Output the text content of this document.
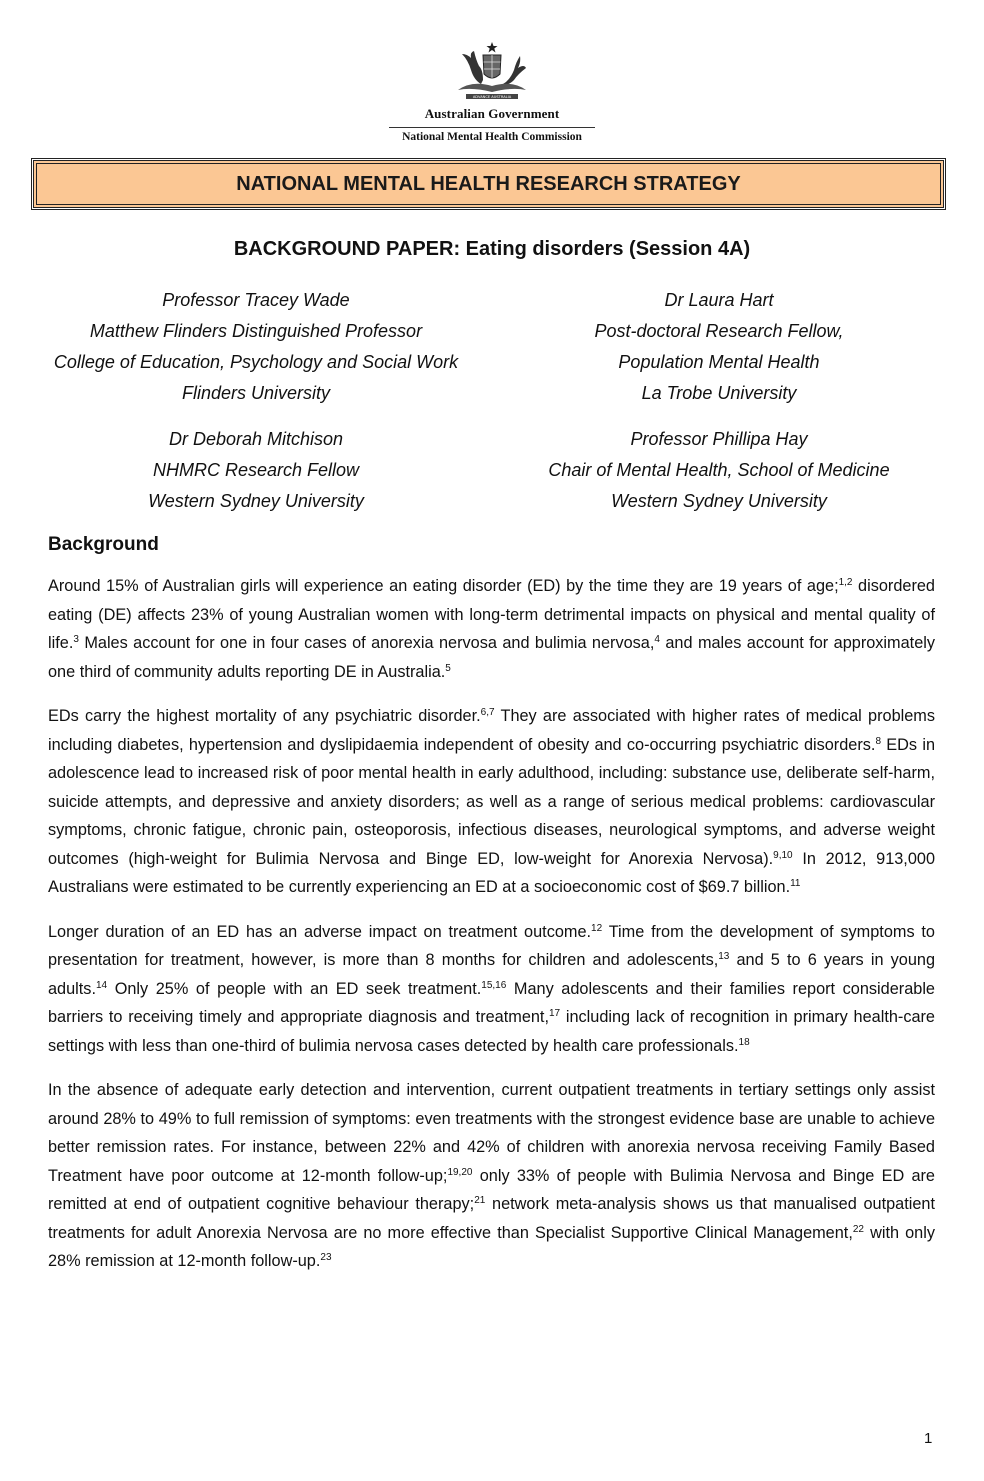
ADVANCE AUSTRALIA
Australian Government
National Mental Health Commission
NATIONAL MENTAL HEALTH RESEARCH STRATEGY
BACKGROUND PAPER: Eating disorders (Session 4A)
Professor Tracey Wade
Matthew Flinders Distinguished Professor
College of Education, Psychology and Social Work
Flinders University
Dr Laura Hart
Post-doctoral Research Fellow,
Population Mental Health
La Trobe University
Dr Deborah Mitchison
NHMRC Research Fellow
Western Sydney University
Professor Phillipa Hay
Chair of Mental Health, School of Medicine
Western Sydney University
Background

Around 15% of Australian girls will experience an eating disorder (ED) by the time they are 19 years of age;$^{1,2}$ disordered eating (DE) affects 23% of young Australian women with long-term detrimental impacts on physical and mental quality of life.$^3$ Males account for one in four cases of anorexia nervosa and bulimia nervosa,$^4$ and males account for approximately one third of community adults reporting DE in Australia.$^5$

EDs carry the highest mortality of any psychiatric disorder.$^{6,7}$ They are associated with higher rates of medical problems including diabetes, hypertension and dyslipidaemia independent of obesity and co-occurring psychiatric disorders.$^8$ EDs in adolescence lead to increased risk of poor mental health in early adulthood, including: substance use, deliberate self-harm, suicide attempts, and depressive and anxiety disorders; as well as a range of serious medical problems: cardiovascular symptoms, chronic fatigue, chronic pain, osteoporosis, infectious diseases, neurological symptoms, and adverse weight outcomes (high-weight for Bulimia Nervosa and Binge ED, low-weight for Anorexia Nervosa).$^{9,10}$ In 2012, 913,000 Australians were estimated to be currently experiencing an ED at a socioeconomic cost of $69.7 billion.$^{11}$

Longer duration of an ED has an adverse impact on treatment outcome.$^{12}$ Time from the development of symptoms to presentation for treatment, however, is more than 8 months for children and adolescents,$^{13}$ and 5 to 6 years in young adults.$^{14}$ Only 25% of people with an ED seek treatment.$^{15,16}$ Many adolescents and their families report considerable barriers to receiving timely and appropriate diagnosis and treatment,$^{17}$ including lack of recognition in primary health-care settings with less than one-third of bulimia nervosa cases detected by health care professionals.$^{18}$

In the absence of adequate early detection and intervention, current outpatient treatments in tertiary settings only assist around 28% to 49% to full remission of symptoms: even treatments with the strongest evidence base are unable to achieve better remission rates. For instance, between 22% and 42% of children with anorexia nervosa receiving Family Based Treatment have poor outcome at 12-month follow-up;$^{19,20}$ only 33% of people with Bulimia Nervosa and Binge ED are remitted at end of outpatient cognitive behaviour therapy;$^{21}$ network meta-analysis shows us that manualised outpatient treatments for adult Anorexia Nervosa are no more effective than Specialist Supportive Clinical Management,$^{22}$ with only 28% remission at 12-month follow-up.$^{23}$

1
